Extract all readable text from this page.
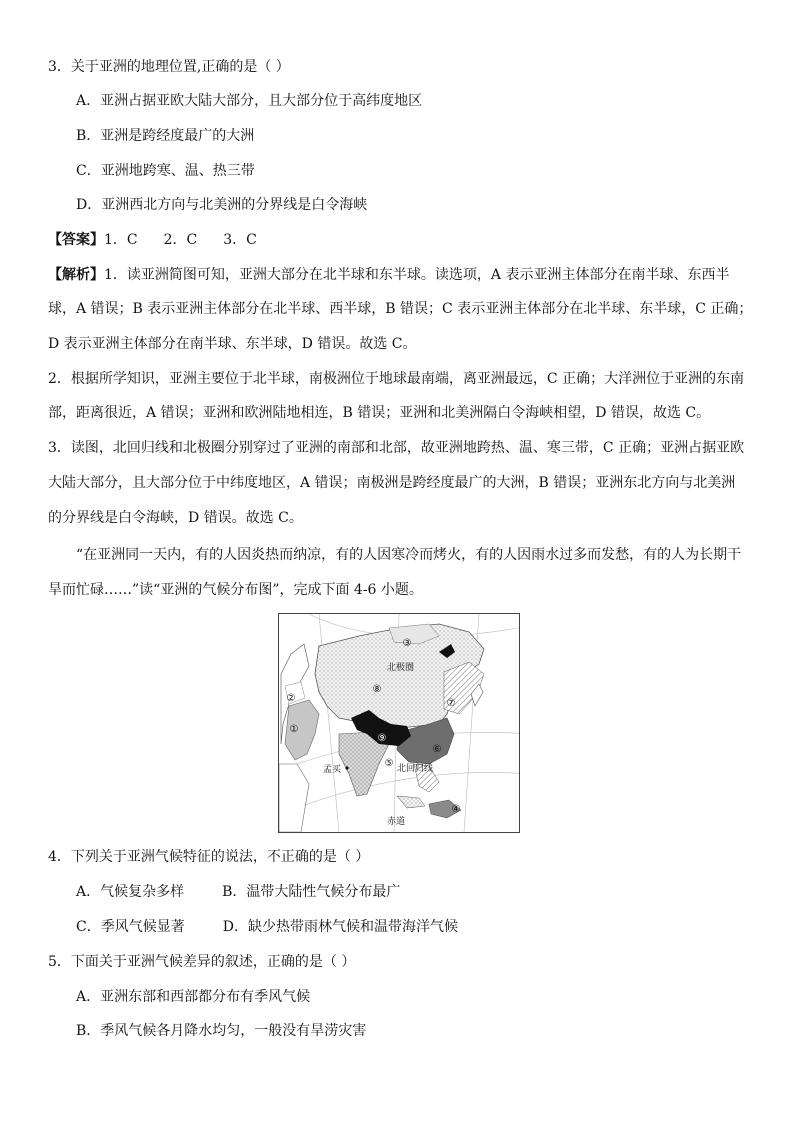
3．关于亚洲的地理位置,正确的是（ ）
A．亚洲占据亚欧大陆大部分，且大部分位于高纬度地区
B．亚洲是跨经度最广的大洲
C．亚洲地跨寒、温、热三带
D．亚洲西北方向与北美洲的分界线是白令海峡
【答案】1．C 2．C 3．C
【解析】1．读亚洲简图可知，亚洲大部分在北半球和东半球。读选项，A 表示亚洲主体部分在南半球、东西半
球，A 错误；B 表示亚洲主体部分在北半球、西半球，B 错误；C 表示亚洲主体部分在北半球、东半球，C 正确；
D 表示亚洲主体部分在南半球、东半球，D 错误。故选 C。
2．根据所学知识，亚洲主要位于北半球，南极洲位于地球最南端，离亚洲最远，C 正确；大洋洲位于亚洲的东南
部，距离很近，A 错误；亚洲和欧洲陆地相连，B 错误；亚洲和北美洲隔白令海峡相望，D 错误，故选 C。
3．读图，北回归线和北极圈分别穿过了亚洲的南部和北部，故亚洲地跨热、温、寒三带，C 正确；亚洲占据亚欧
大陆大部分，且大部分位于中纬度地区，A 错误；南极洲是跨经度最广的大洲，B 错误；亚洲东北方向与北美洲
的分界线是白令海峡，D 错误。故选 C。
“在亚洲同一天内，有的人因炎热而纳凉，有的人因寒冷而烤火，有的人因雨水过多而发愁，有的人为长期干
旱而忙碌……”读“亚洲的气候分布图”，完成下面 4-6 小题。
①
②
③
④
⑤
⑥
⑦
⑧
⑨
北极圈
北回归线
赤道
孟买
4．下列关于亚洲气候特征的说法，不正确的是（ ）
A．气候复杂多样	B．温带大陆性气候分布最广
C．季风气候显著	D．缺少热带雨林气候和温带海洋气候
5．下面关于亚洲气候差异的叙述，正确的是（ ）
A．亚洲东部和西部都分布有季风气候
B．季风气候各月降水均匀，一般没有旱涝灾害
